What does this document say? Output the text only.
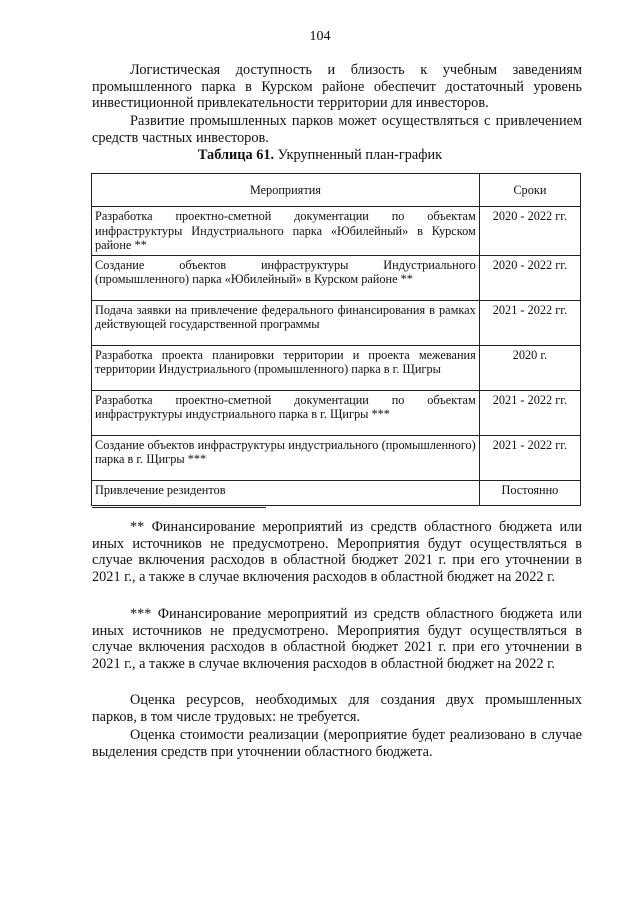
104

Логистическая доступность и близость к учебным заведениям промышленного парка в Курском районе обеспечит достаточный уровень инвестиционной привлекательности территории для инвесторов.

Развитие промышленных парков может осуществляться с привлечением средств частных инвесторов.

Таблица 61. Укрупненный план-график
Мероприятия	Сроки
Разработка проектно-сметной документации по объектам инфраструктуры Индустриального парка «Юбилейный» в Курском районе **	2020 - 2022 гг.
Создание объектов инфраструктуры Индустриального (промышленного) парка «Юбилейный» в Курском районе **	2020 - 2022 гг.
Подача заявки на привлечение федерального финансирования в рамках действующей государственной программы	2021 - 2022 гг.
Разработка проекта планировки территории и проекта межевания территории Индустриального (промышленного) парка в г. Щигры	2020 г.
Разработка проектно-сметной документации по объектам инфраструктуры индустриального парка в г. Щигры ***	2021 - 2022 гг.
Создание объектов инфраструктуры индустриального (промышленного) парка в г. Щигры ***	2021 - 2022 гг.
Привлечение резидентов	Постоянно

** Финансирование мероприятий из средств областного бюджета или иных источников не предусмотрено. Мероприятия будут осуществляться в случае включения расходов в областной бюджет 2021 г. при его уточнении в 2021 г., а также в случае включения расходов в областной бюджет на 2022 г.

*** Финансирование мероприятий из средств областного бюджета или иных источников не предусмотрено. Мероприятия будут осуществляться в случае включения расходов в областной бюджет 2021 г. при его уточнении в 2021 г., а также в случае включения расходов в областной бюджет на 2022 г.

Оценка ресурсов, необходимых для создания двух промышленных парков, в том числе трудовых: не требуется.

Оценка стоимости реализации (мероприятие будет реализовано в случае выделения средств при уточнении областного бюджета.
